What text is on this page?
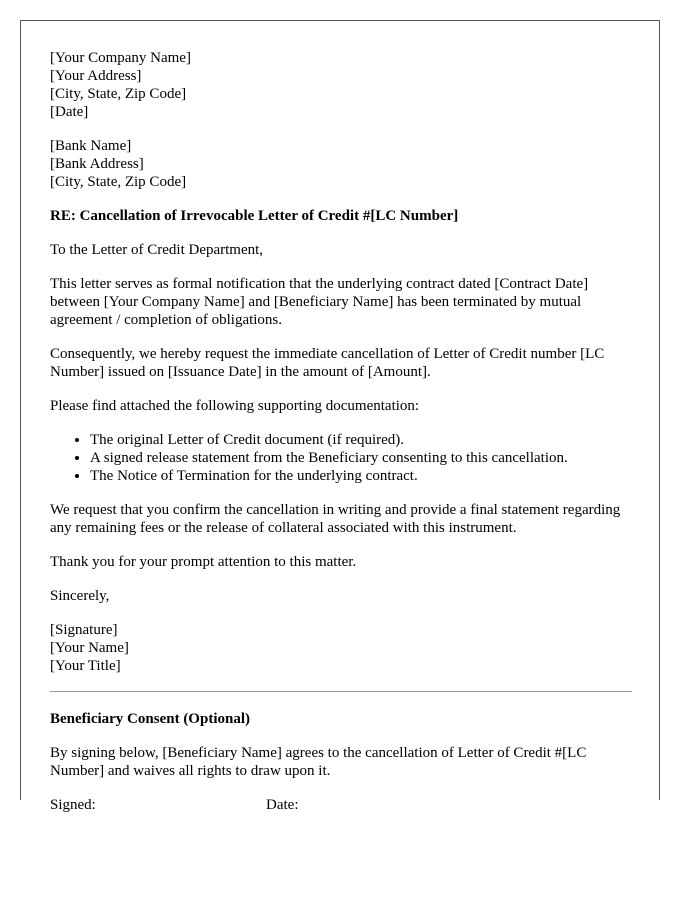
[Your Company Name]
[Your Address]
[City, State, Zip Code]
[Date]
[Bank Name]
[Bank Address]
[City, State, Zip Code]

RE: Cancellation of Irrevocable Letter of Credit #[LC Number]

To the Letter of Credit Department,

This letter serves as formal notification that the underlying contract dated [Contract Date] between [Your Company Name] and [Beneficiary Name] has been terminated by mutual agreement / completion of obligations.

Consequently, we hereby request the immediate cancellation of Letter of Credit number [LC Number] issued on [Issuance Date] in the amount of [Amount].

Please find attached the following supporting documentation:

• The original Letter of Credit document (if required).
• A signed release statement from the Beneficiary consenting to this cancellation.
• The Notice of Termination for the underlying contract.

We request that you confirm the cancellation in writing and provide a final statement regarding any remaining fees or the release of collateral associated with this instrument.

Thank you for your prompt attention to this matter.

Sincerely,

[Signature]
[Your Name]
[Your Title]

Beneficiary Consent (Optional)

By signing below, [Beneficiary Name] agrees to the cancellation of Letter of Credit #[LC Number] and waives all rights to draw upon it.

Signed:	Date:
